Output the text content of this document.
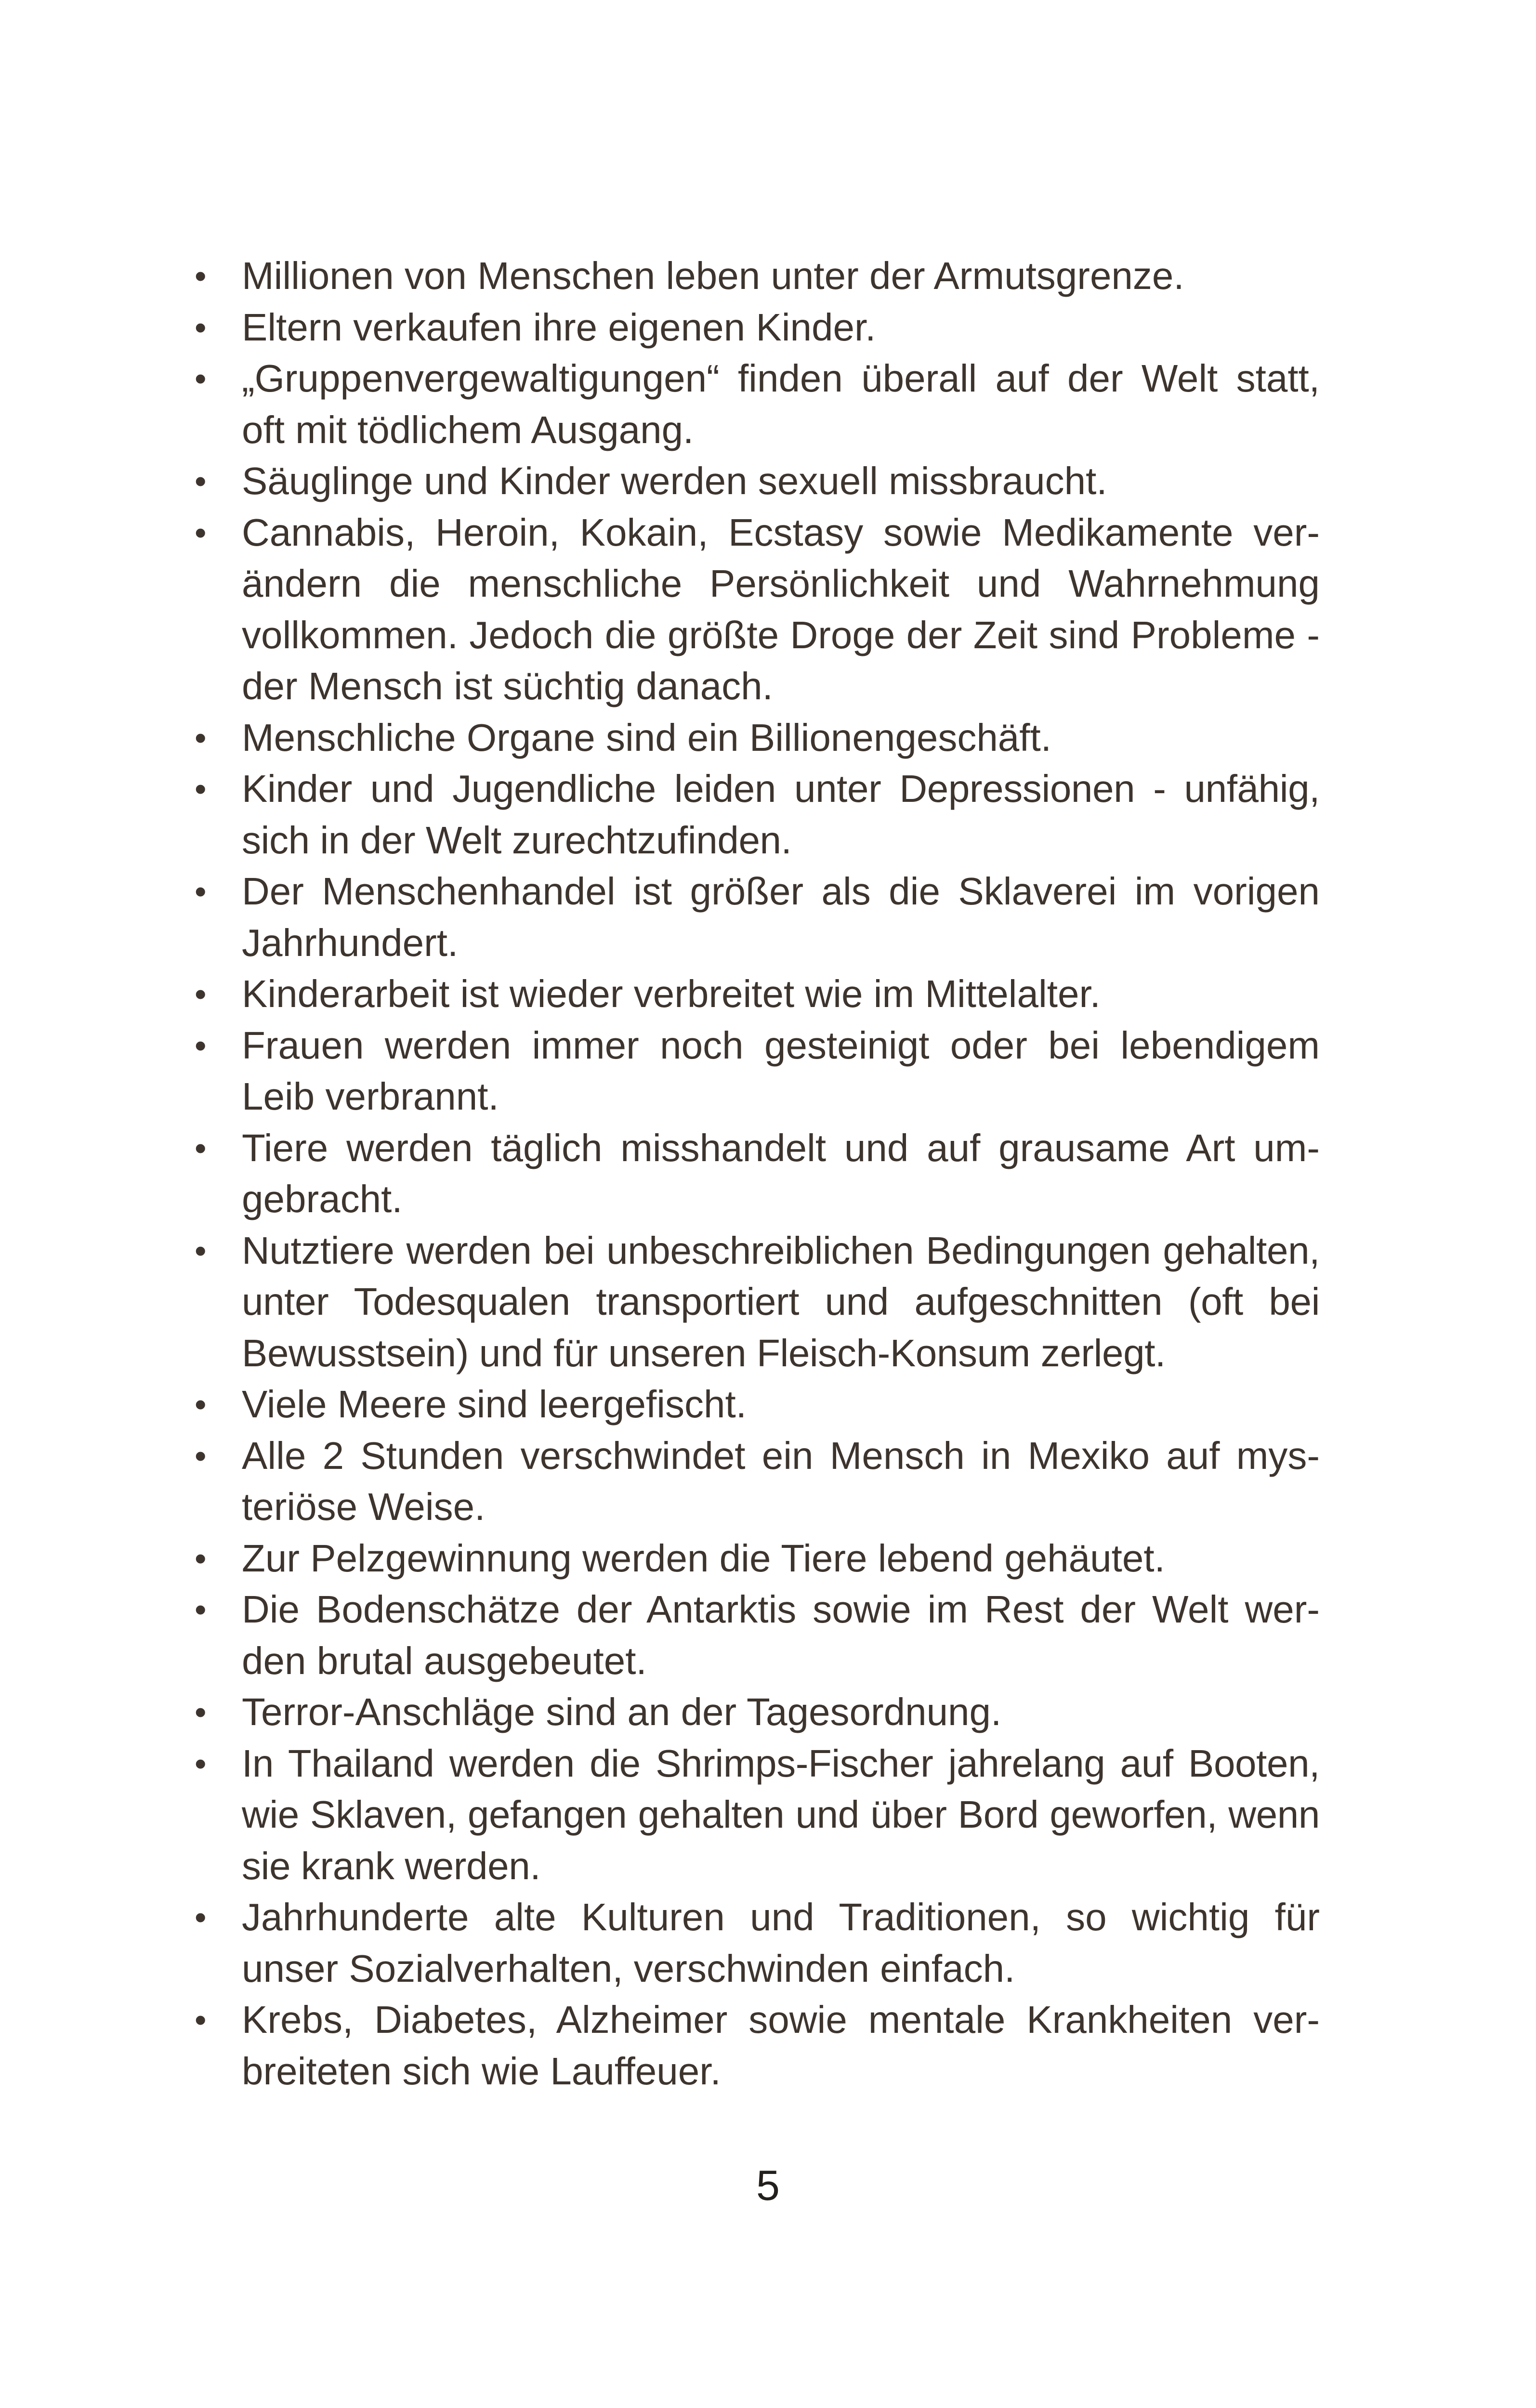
• Millionen von Menschen leben unter der Armutsgrenze.
• Eltern verkaufen ihre eigenen Kinder.
• „Gruppenvergewaltigungen“ finden überall auf der Welt statt, oft mit tödlichem Ausgang.
• Säuglinge und Kinder werden sexuell missbraucht.
• Cannabis, Heroin, Kokain, Ecstasy sowie Medikamente verändern die menschliche Persönlichkeit und Wahrnehmung vollkommen. Jedoch die größte Droge der Zeit sind Probleme - der Mensch ist süchtig danach.
• Menschliche Organe sind ein Billionengeschäft.
• Kinder und Jugendliche leiden unter Depressionen - unfähig, sich in der Welt zurechtzufinden.
• Der Menschenhandel ist größer als die Sklaverei im vorigen Jahrhundert.
• Kinderarbeit ist wieder verbreitet wie im Mittelalter.
• Frauen werden immer noch gesteinigt oder bei lebendigem Leib verbrannt.
• Tiere werden täglich misshandelt und auf grausame Art umgebracht.
• Nutztiere werden bei unbeschreiblichen Bedingungen gehalten, unter Todesqualen transportiert und aufgeschnitten (oft bei Bewusstsein) und für unseren Fleisch-Konsum zerlegt.
• Viele Meere sind leergefischt.
• Alle 2 Stunden verschwindet ein Mensch in Mexiko auf mysteriöse Weise.
• Zur Pelzgewinnung werden die Tiere lebend gehäutet.
• Die Bodenschätze der Antarktis sowie im Rest der Welt werden brutal ausgebeutet.
• Terror-Anschläge sind an der Tagesordnung.
• In Thailand werden die Shrimps-Fischer jahrelang auf Booten, wie Sklaven, gefangen gehalten und über Bord geworfen, wenn sie krank werden.
• Jahrhunderte alte Kulturen und Traditionen, so wichtig für unser Sozialverhalten, verschwinden einfach.
• Krebs, Diabetes, Alzheimer sowie mentale Krankheiten verbreiteten sich wie Lauffeuer.
5
